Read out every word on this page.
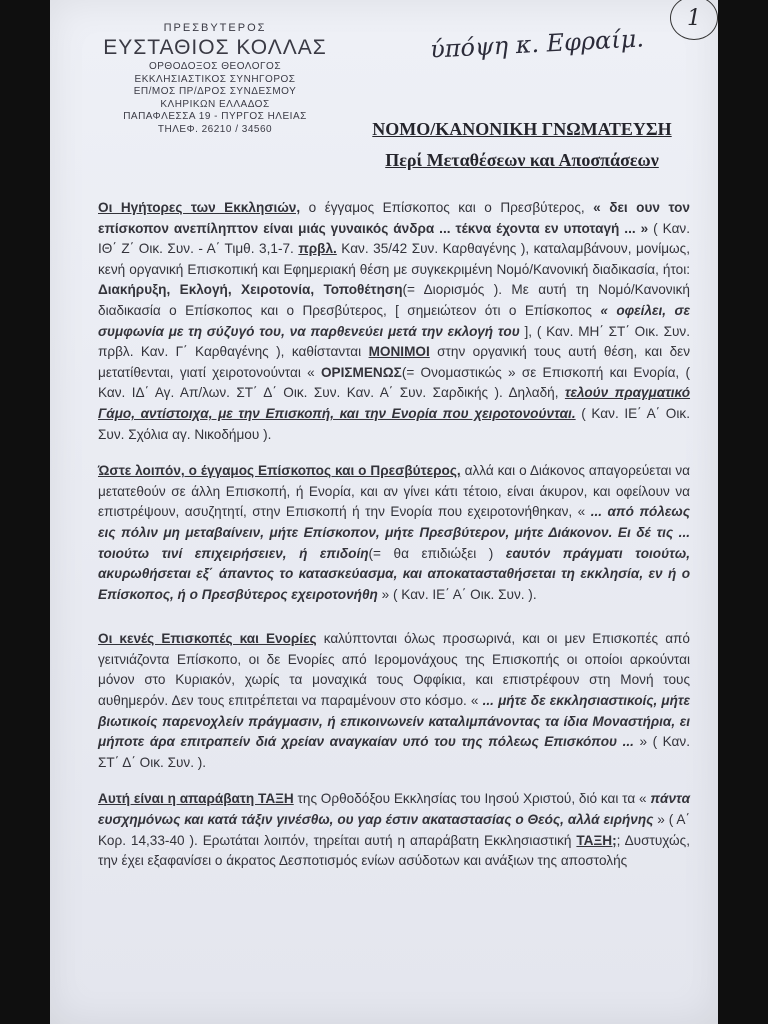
ΠΡΕΣΒΥΤΕΡΟΣ
ΕΥΣΤΑΘΙΟΣ ΚΟΛΛΑΣ
ΟΡΘΟΔΟΞΟΣ ΘΕΟΛΟΓΟΣ
ΕΚΚΛΗΣΙΑΣΤΙΚΟΣ ΣΥΝΗΓΟΡΟΣ
ΕΠ/ΜΟΣ ΠΡ/ΔΡΟΣ ΣΥΝΔΕΣΜΟΥ
ΚΛΗΡΙΚΩΝ ΕΛΛΑΔΟΣ
ΠΑΠΑΦΛΕΣΣΑ 19 - ΠΥΡΓΟΣ ΗΛΕΙΑΣ
ΤΗΛΕΦ. 26210 / 34560
ύπόψη κ. Εφραίμ.
1
ΝΟΜΟ/ΚΑΝΟΝΙΚΗ ΓΝΩΜΑΤΕΥΣΗ
Περί Μεταθέσεων και Αποσπάσεων

Οι Ηγήτορες των Εκκλησιών, ο έγγαμος Επίσκοπος και ο Πρεσβύτερος, « δει ουν τον επίσκοπον ανεπίληπτον είναι μιάς γυναικός άνδρα ... τέκνα έχοντα εν υποταγή ... » ( Καν. ΙΘ΄ Ζ΄ Οικ. Συν. - Α΄ Τιμθ. 3,1-7. πρβλ. Καν. 35/42 Συν. Καρθαγένης ), καταλαμβάνουν, μονίμως, κενή οργανική Επισκοπική και Εφημεριακή θέση με συγκεκριμένη Νομό/Κανονική διαδικασία, ήτοι: Διακήρυξη, Εκλογή, Χειροτονία, Τοποθέτηση(= Διορισμός ). Με αυτή τη Νομό/Κανονική διαδικασία ο Επίσκοπος και ο Πρεσβύτερος, [ σημειώτεον ότι ο Επίσκοπος « οφείλει, σε συμφωνία με τη σύζυγό του, να παρθενεύει μετά την εκλογή του ], ( Καν. ΜΗ΄ ΣΤ΄ Οικ. Συν. πρβλ. Καν. Γ΄ Καρθαγένης ), καθίστανται ΜΟΝΙΜΟΙ στην οργανική τους αυτή θέση, και δεν μετατίθενται, γιατί χειροτονούνται « ΟΡΙΣΜΕΝΩΣ(= Ονομαστικώς » σε Επισκοπή και Ενορία, ( Καν. ΙΔ΄ Αγ. Απ/λων. ΣΤ΄ Δ΄ Οικ. Συν. Καν. Α΄ Συν. Σαρδικής ). Δηλαδή, τελούν πραγματικό Γάμο, αντίστοιχα, με την Επισκοπή, και την Ενορία που χειροτονούνται. ( Καν. ΙΕ΄ Α΄ Οικ. Συν. Σχόλια αγ. Νικοδήμου ).

Ώστε λοιπόν, ο έγγαμος Επίσκοπος και ο Πρεσβύτερος, αλλά και ο Διάκονος απαγορεύεται να μετατεθούν σε άλλη Επισκοπή, ή Ενορία, και αν γίνει κάτι τέτοιο, είναι άκυρον, και οφείλουν να επιστρέψουν, ασυζητητί, στην Επισκοπή ή την Ενορία που εχειροτονήθηκαν, « ... από πόλεως εις πόλιν μη μεταβαίνειν, μήτε Επίσκοπον, μήτε Πρεσβύτερον, μήτε Διάκονον. Ει δέ τις ... τοιούτω τινί επιχειρήσειεν, ή επιδοίη(= θα επιδιώξει ) εαυτόν πράγματι τοιούτω, ακυρωθήσεται εξ΄ άπαντος το κατασκεύασμα, και αποκατασταθήσεται τη εκκλησία, εν ή ο Επίσκοπος, ή ο Πρεσβύτερος εχειροτονήθη » ( Καν. ΙΕ΄ Α΄ Οικ. Συν. ).

Οι κενές Επισκοπές και Ενορίες καλύπτονται όλως προσωρινά, και οι μεν Επισκοπές από γειτνιάζοντα Επίσκοπο, οι δε Ενορίες από Ιερομονάχους της Επισκοπής οι οποίοι αρκούνται μόνον στο Κυριακόν, χωρίς τα μοναχικά τους Οφφίκια, και επιστρέφουν στη Μονή τους αυθημερόν. Δεν τους επιτρέπεται να παραμένουν στο κόσμο. « ... μήτε δε εκκλησιαστικοίς, μήτε βιωτικοίς παρενοχλείν πράγμασιν, ή επικοινωνείν καταλιμπάνοντας τα ίδια Μοναστήρια, ει μήποτε άρα επιτραπείν διά χρείαν αναγκαίαν υπό του της πόλεως Επισκόπου ... » ( Καν. ΣΤ΄ Δ΄ Οικ. Συν. ).

Αυτή είναι η απαράβατη ΤΑΞΗ της Ορθοδόξου Εκκλησίας του Ιησού Χριστού, διό και τα « πάντα ευσχημόνως και κατά τάξιν γινέσθω, ου γαρ έστιν ακαταστασίας ο Θεός, αλλά ειρήνης » ( Α΄ Κορ. 14,33-40 ). Ερωτάται λοιπόν, τηρείται αυτή η απαράβατη Εκκλησιαστική ΤΑΞΗ;; Δυστυχώς, την έχει εξαφανίσει ο άκρατος Δεσποτισμός ενίων ασύδοτων και ανάξιων της αποστολής
